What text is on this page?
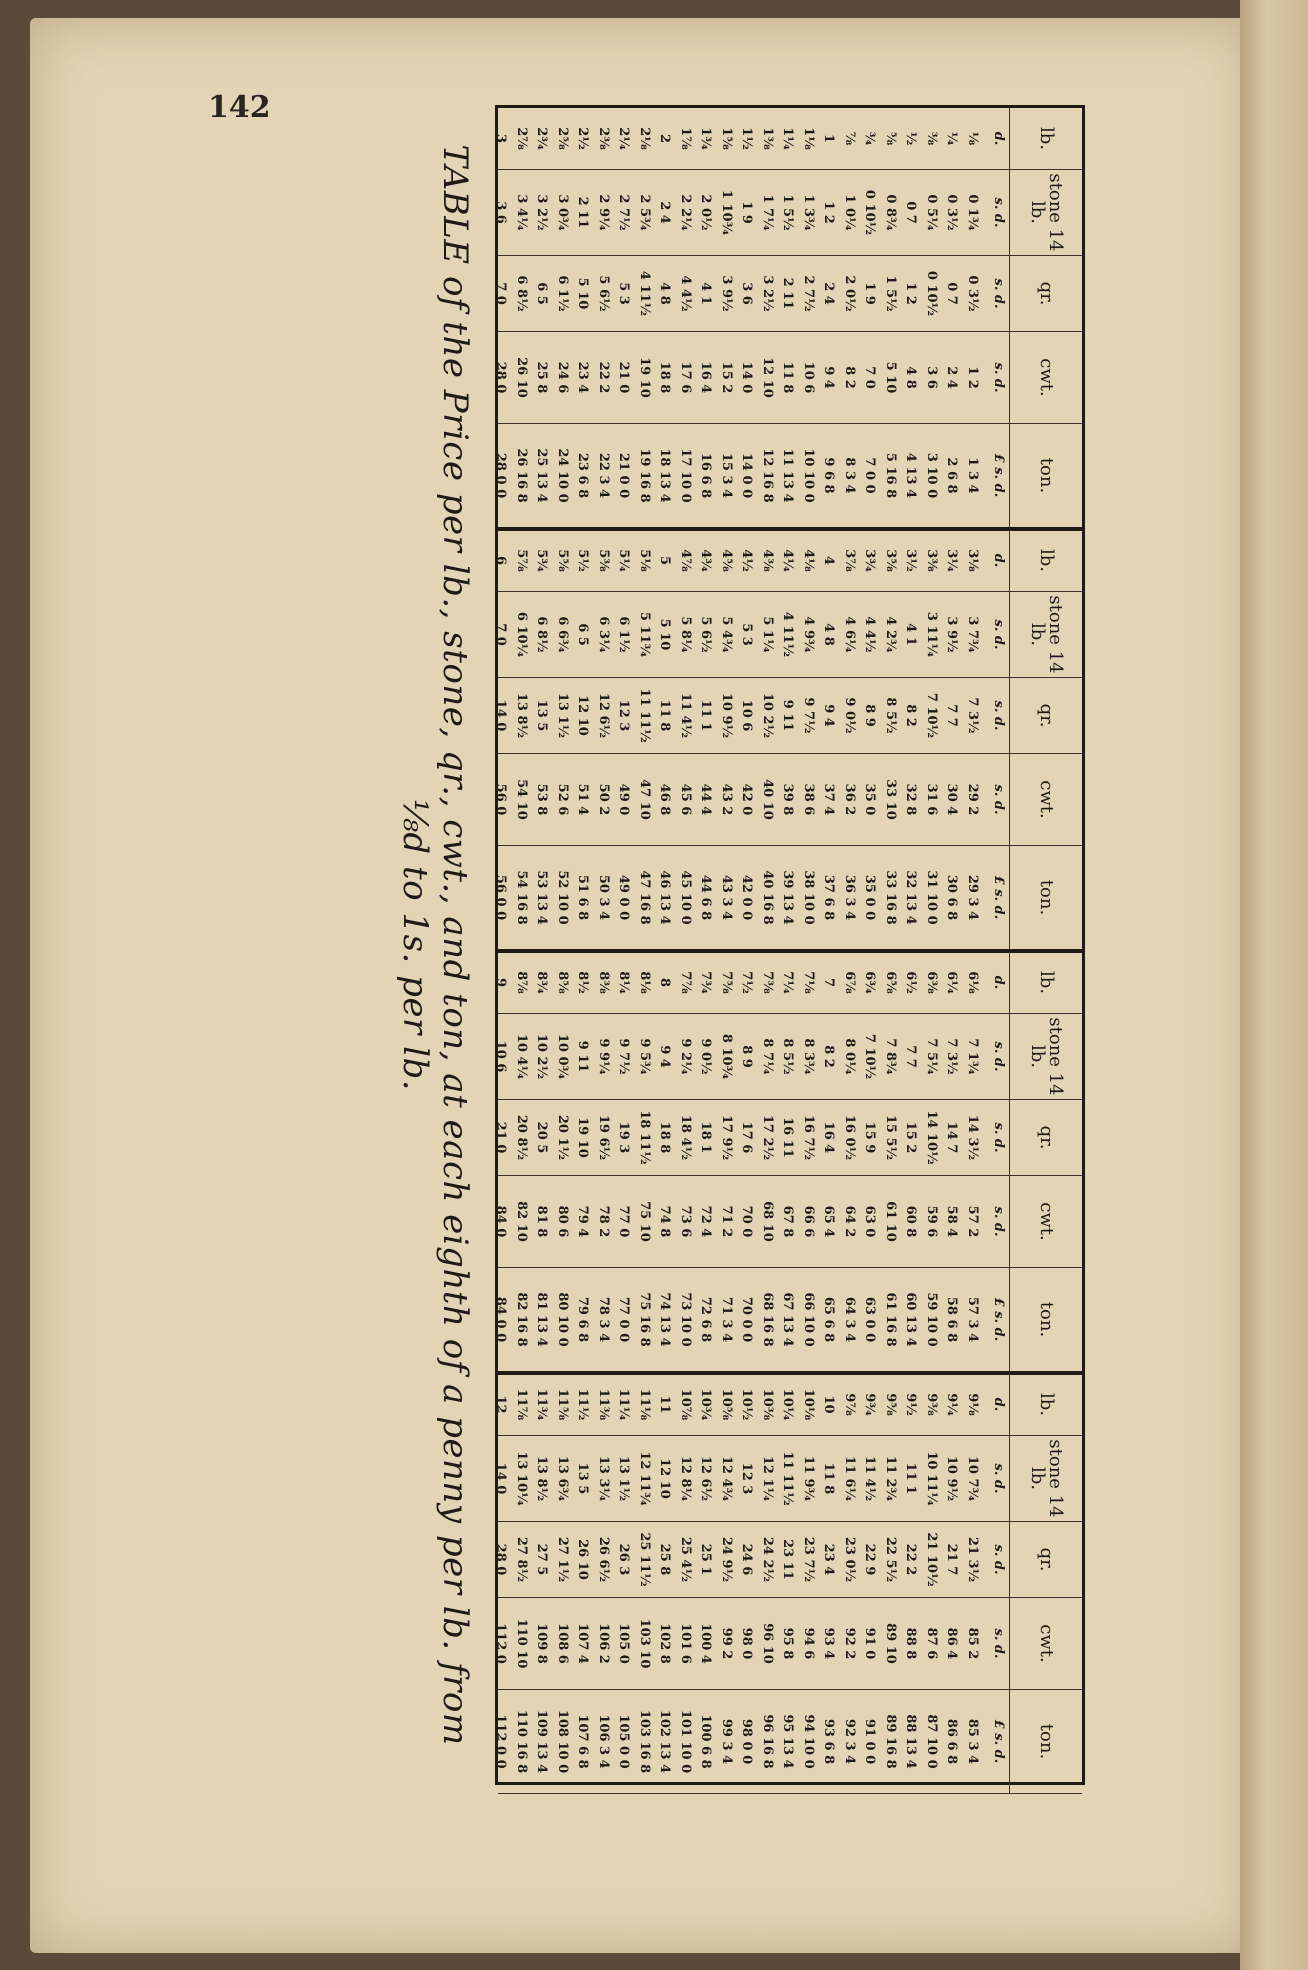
142
lb.
d.
⅛
¼
⅜
½
⅝
¾
⅞
1
1⅛
1¼
1⅜
1½
1⅝
1¾
1⅞
2
2⅛
2¼
2⅜
2½
2⅝
2¾
2⅞
3
stone 14 lb.
s. d.
0 1¾
0 3½
0 5¼
0 7
0 8¾
0 10½
1 0¼
1 2
1 3¾
1 5½
1 7¼
1 9
1 10¾
2 0½
2 2¼
2 4
2 5¾
2 7½
2 9¼
2 11
3 0¾
3 2½
3 4¼
3 6
qr.
s. d.
0 3½
0 7
0 10½
1 2
1 5½
1 9
2 0½
2 4
2 7½
2 11
3 2½
3 6
3 9½
4 1
4 4½
4 8
4 11½
5 3
5 6½
5 10
6 1½
6 5
6 8½
7 0
cwt.
s. d.
1 2
2 4
3 6
4 8
5 10
7 0
8 2
9 4
10 6
11 8
12 10
14 0
15 2
16 4
17 6
18 8
19 10
21 0
22 2
23 4
24 6
25 8
26 10
28 0
ton.
£ s. d.
1 3 4
2 6 8
3 10 0
4 13 4
5 16 8
7 0 0
8 3 4
9 6 8
10 10 0
11 13 4
12 16 8
14 0 0
15 3 4
16 6 8
17 10 0
18 13 4
19 16 8
21 0 0
22 3 4
23 6 8
24 10 0
25 13 4
26 16 8
28 0 0
lb.
d.
3⅛
3¼
3⅜
3½
3⅝
3¾
3⅞
4
4⅛
4¼
4⅜
4½
4⅝
4¾
4⅞
5
5⅛
5¼
5⅜
5½
5⅝
5¾
5⅞
6
stone 14 lb.
s. d.
3 7¾
3 9½
3 11¼
4 1
4 2¾
4 4½
4 6¼
4 8
4 9¾
4 11½
5 1¼
5 3
5 4¾
5 6½
5 8¼
5 10
5 11¾
6 1½
6 3¼
6 5
6 6¾
6 8½
6 10¼
7 0
qr.
s. d.
7 3½
7 7
7 10½
8 2
8 5½
8 9
9 0½
9 4
9 7½
9 11
10 2½
10 6
10 9½
11 1
11 4½
11 8
11 11½
12 3
12 6½
12 10
13 1½
13 5
13 8½
14 0
cwt.
s. d.
29 2
30 4
31 6
32 8
33 10
35 0
36 2
37 4
38 6
39 8
40 10
42 0
43 2
44 4
45 6
46 8
47 10
49 0
50 2
51 4
52 6
53 8
54 10
56 0
ton.
£ s. d.
29 3 4
30 6 8
31 10 0
32 13 4
33 16 8
35 0 0
36 3 4
37 6 8
38 10 0
39 13 4
40 16 8
42 0 0
43 3 4
44 6 8
45 10 0
46 13 4
47 16 8
49 0 0
50 3 4
51 6 8
52 10 0
53 13 4
54 16 8
56 0 0
lb.
d.
6⅛
6¼
6⅜
6½
6⅝
6¾
6⅞
7
7⅛
7¼
7⅜
7½
7⅝
7¾
7⅞
8
8⅛
8¼
8⅜
8½
8⅝
8¾
8⅞
9
stone 14 lb.
s. d.
7 1¾
7 3½
7 5¼
7 7
7 8¾
7 10½
8 0¼
8 2
8 3¾
8 5½
8 7¼
8 9
8 10¾
9 0½
9 2¼
9 4
9 5¾
9 7½
9 9¼
9 11
10 0¾
10 2½
10 4¼
10 6
qr.
s. d.
14 3½
14 7
14 10½
15 2
15 5½
15 9
16 0½
16 4
16 7½
16 11
17 2½
17 6
17 9½
18 1
18 4½
18 8
18 11½
19 3
19 6½
19 10
20 1½
20 5
20 8½
21 0
cwt.
s. d.
57 2
58 4
59 6
60 8
61 10
63 0
64 2
65 4
66 6
67 8
68 10
70 0
71 2
72 4
73 6
74 8
75 10
77 0
78 2
79 4
80 6
81 8
82 10
84 0
ton.
£ s. d.
57 3 4
58 6 8
59 10 0
60 13 4
61 16 8
63 0 0
64 3 4
65 6 8
66 10 0
67 13 4
68 16 8
70 0 0
71 3 4
72 6 8
73 10 0
74 13 4
75 16 8
77 0 0
78 3 4
79 6 8
80 10 0
81 13 4
82 16 8
84 0 0
lb.
d.
9⅛
9¼
9⅜
9½
9⅝
9¾
9⅞
10
10⅛
10¼
10⅜
10½
10⅝
10¾
10⅞
11
11⅛
11¼
11⅜
11½
11⅝
11¾
11⅞
12
stone 14 lb.
s. d.
10 7¾
10 9½
10 11¼
11 1
11 2¾
11 4½
11 6¼
11 8
11 9¾
11 11½
12 1¼
12 3
12 4¾
12 6½
12 8¼
12 10
12 11¾
13 1½
13 3¼
13 5
13 6¾
13 8½
13 10¼
14 0
qr.
s. d.
21 3½
21 7
21 10½
22 2
22 5½
22 9
23 0½
23 4
23 7½
23 11
24 2½
24 6
24 9½
25 1
25 4½
25 8
25 11½
26 3
26 6½
26 10
27 1½
27 5
27 8½
28 0
cwt.
s. d.
85 2
86 4
87 6
88 8
89 10
91 0
92 2
93 4
94 6
95 8
96 10
98 0
99 2
100 4
101 6
102 8
103 10
105 0
106 2
107 4
108 6
109 8
110 10
112 0
ton.
£ s. d.
85 3 4
86 6 8
87 10 0
88 13 4
89 16 8
91 0 0
92 3 4
93 6 8
94 10 0
95 13 4
96 16 8
98 0 0
99 3 4
100 6 8
101 10 0
102 13 4
103 16 8
105 0 0
106 3 4
107 6 8
108 10 0
109 13 4
110 16 8
112 0 0
TABLE of the Price per lb., stone, qr., cwt., and ton, at each eighth of a penny per lb. from ⅛d to 1s. per lb.
